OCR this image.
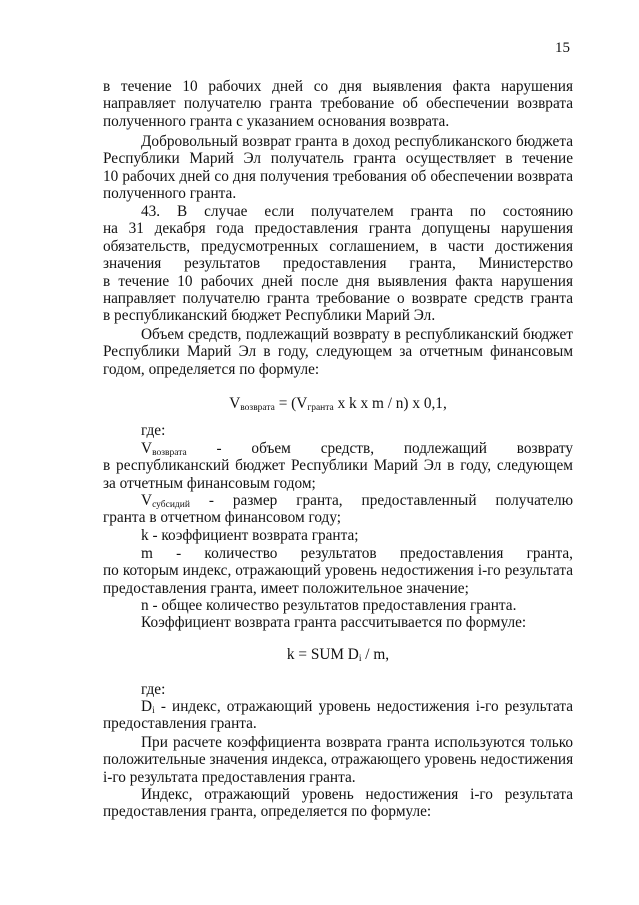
15
в течение 10 рабочих дней со дня выявления факта нарушения
направляет получателю гранта требование об обеспечении возврата
полученного гранта с указанием основания возврата.
Добровольный возврат гранта в доход республиканского бюджета
Республики Марий Эл получатель гранта осуществляет в течение
10 рабочих дней со дня получения требования об обеспечении возврата
полученного гранта.
43. В случае если получателем гранта по состоянию
на 31 декабря года предоставления гранта допущены нарушения
обязательств, предусмотренных соглашением, в части достижения
значения результатов предоставления гранта, Министерство
в течение 10 рабочих дней после дня выявления факта нарушения
направляет получателю гранта требование о возврате средств гранта
в республиканский бюджет Республики Марий Эл.
Объем средств, подлежащий возврату в республиканский бюджет
Республики Марий Эл в году, следующем за отчетным финансовым
годом, определяется по формуле:
$V_{возврата} = (V_{гранта}$ x k x m / n) x 0,1,
где:
$V_{возврата}$ - объем средств, подлежащий возврату
в республиканский бюджет Республики Марий Эл в году, следующем
за отчетным финансовым годом;
$V_{субсидий}$ - размер гранта, предоставленный получателю
гранта в отчетном финансовом году;
k - коэффициент возврата гранта;
m - количество результатов предоставления гранта,
по которым индекс, отражающий уровень недостижения i-го результата
предоставления гранта, имеет положительное значение;
n - общее количество результатов предоставления гранта.
Коэффициент возврата гранта рассчитывается по формуле:
k = SUM $D_i$ / m,
где:
$D_i$ - индекс, отражающий уровень недостижения i-го результата
предоставления гранта.
При расчете коэффициента возврата гранта используются только
положительные значения индекса, отражающего уровень недостижения
i-го результата предоставления гранта.
Индекс, отражающий уровень недостижения i-го результата
предоставления гранта, определяется по формуле:
